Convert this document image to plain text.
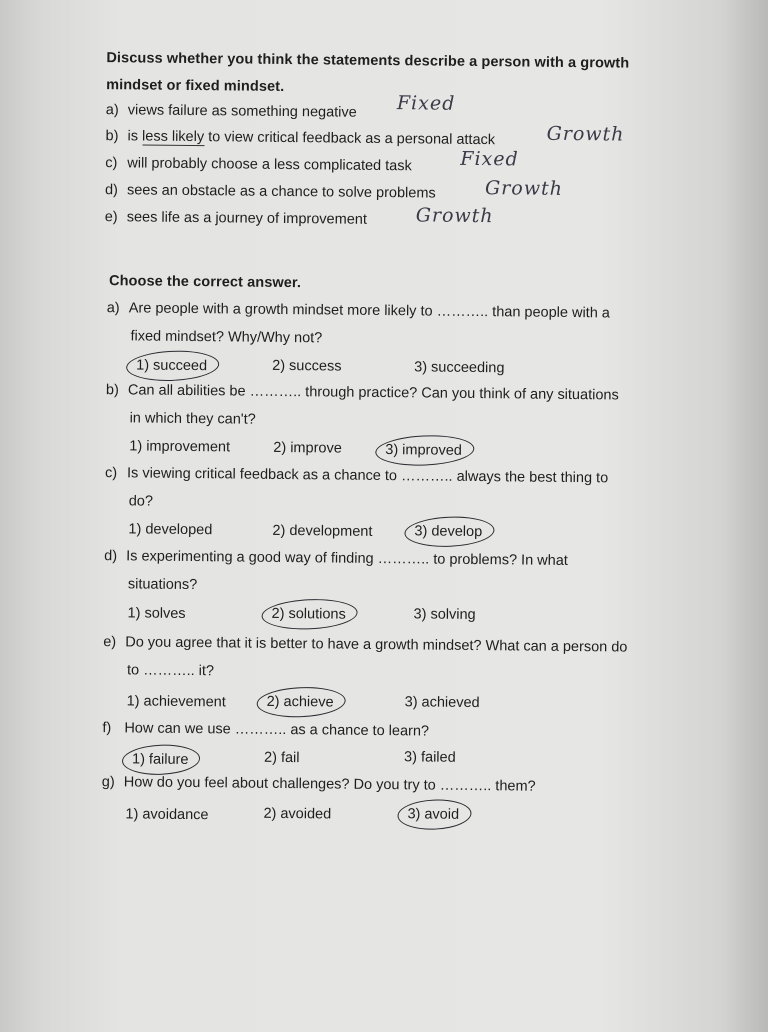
Discuss whether you think the statements describe a person with a growth
mindset or fixed mindset.
a) views failure as something negative Fixed
b) is less likely to view critical feedback as a personal attack	Growth
c) will probably choose a less complicated task	Fixed
d) sees an obstacle as a chance to solve problems	Growth
e) sees life as a journey of improvement	Growth
Choose the correct answer.
a) Are people with a growth mindset more likely to ……….. than people with a
fixed mindset? Why/Why not?
1) succeed	2) success	3) succeeding
b) Can all abilities be ……….. through practice? Can you think of any situations
in which they can't?
1) improvement	2) improve	3) improved
c) Is viewing critical feedback as a chance to ……….. always the best thing to
do?
1) developed	2) development	3) develop
d) Is experimenting a good way of finding ……….. to problems? In what
situations?
1) solves	2) solutions	3) solving
e) Do you agree that it is better to have a growth mindset? What can a person do
to ……….. it?
1) achievement	2) achieve	3) achieved
f) How can we use ……….. as a chance to learn?
1) failure	2) fail	3) failed
g) How do you feel about challenges? Do you try to ……….. them?
1) avoidance	2) avoided	3) avoid
